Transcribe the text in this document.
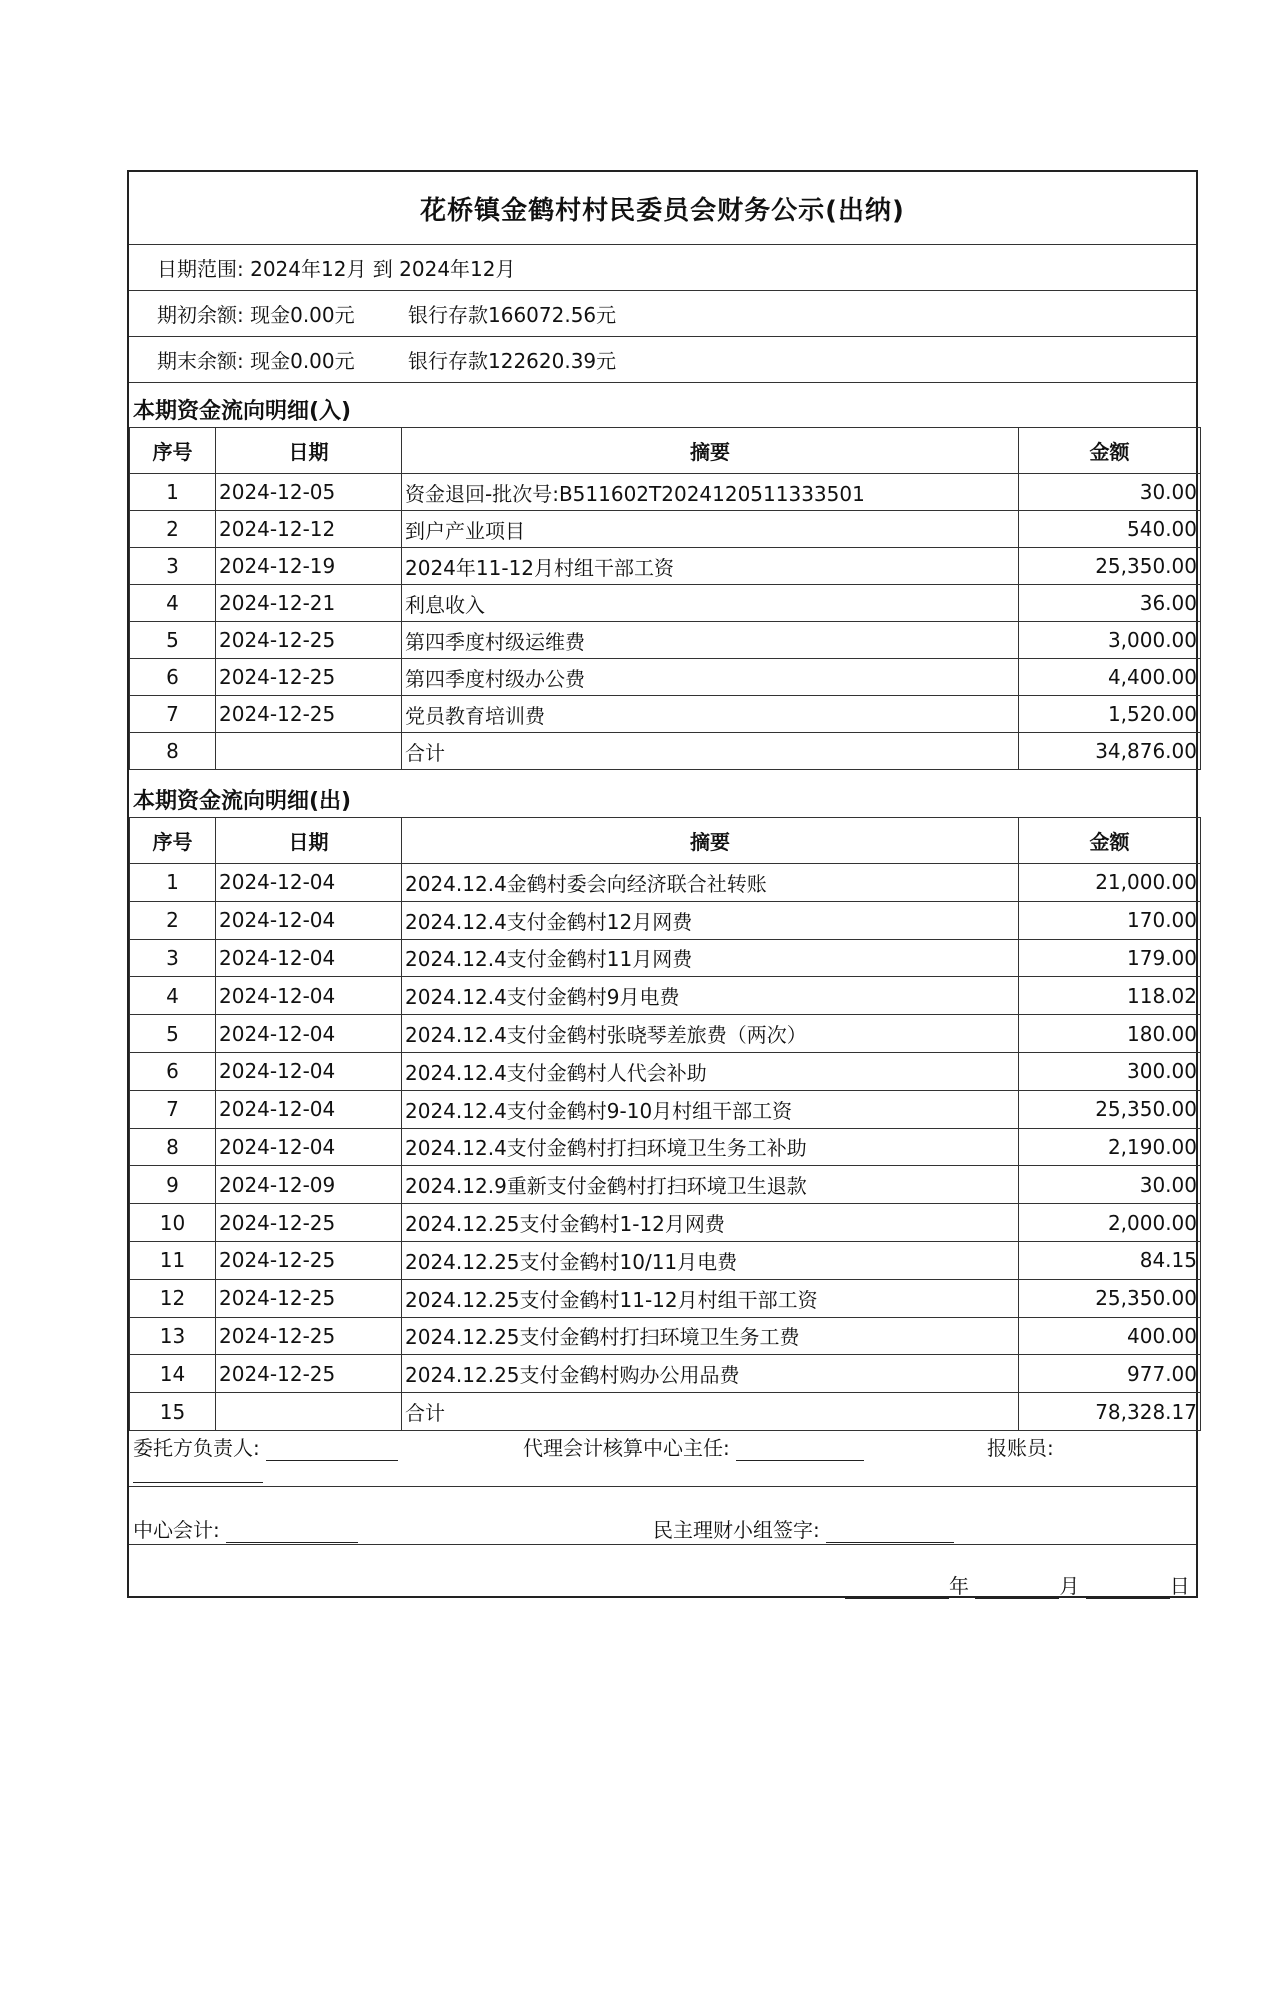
花桥镇金鹤村村民委员会财务公示(出纳)
日期范围: 2024年12月 到 2024年12月
期初余额: 现金0.00元	银行存款166072.56元
期末余额: 现金0.00元	银行存款122620.39元
本期资金流向明细(入)
序号	日期	摘要	金额
1	2024-12-05	资金退回-批次号:B511602T2024120511333501	30.00
2	2024-12-12	到户产业项目	540.00
3	2024-12-19	2024年11-12月村组干部工资	25,350.00
4	2024-12-21	利息收入	36.00
5	2024-12-25	第四季度村级运维费	3,000.00
6	2024-12-25	第四季度村级办公费	4,400.00
7	2024-12-25	党员教育培训费	1,520.00
8		合计	34,876.00
本期资金流向明细(出)
序号	日期	摘要	金额
1	2024-12-04	2024.12.4金鹤村委会向经济联合社转账	21,000.00
2	2024-12-04	2024.12.4支付金鹤村12月网费	170.00
3	2024-12-04	2024.12.4支付金鹤村11月网费	179.00
4	2024-12-04	2024.12.4支付金鹤村9月电费	118.02
5	2024-12-04	2024.12.4支付金鹤村张晓琴差旅费（两次）	180.00
6	2024-12-04	2024.12.4支付金鹤村人代会补助	300.00
7	2024-12-04	2024.12.4支付金鹤村9-10月村组干部工资	25,350.00
8	2024-12-04	2024.12.4支付金鹤村打扫环境卫生务工补助	2,190.00
9	2024-12-09	2024.12.9重新支付金鹤村打扫环境卫生退款	30.00
10	2024-12-25	2024.12.25支付金鹤村1-12月网费	2,000.00
11	2024-12-25	2024.12.25支付金鹤村10/11月电费	84.15
12	2024-12-25	2024.12.25支付金鹤村11-12月村组干部工资	25,350.00
13	2024-12-25	2024.12.25支付金鹤村打扫环境卫生务工费	400.00
14	2024-12-25	2024.12.25支付金鹤村购办公用品费	977.00
15		合计	78,328.17
委托方负责人:	代理会计核算中心主任:	报账员:
中心会计:	民主理财小组签字:
年	月	日
